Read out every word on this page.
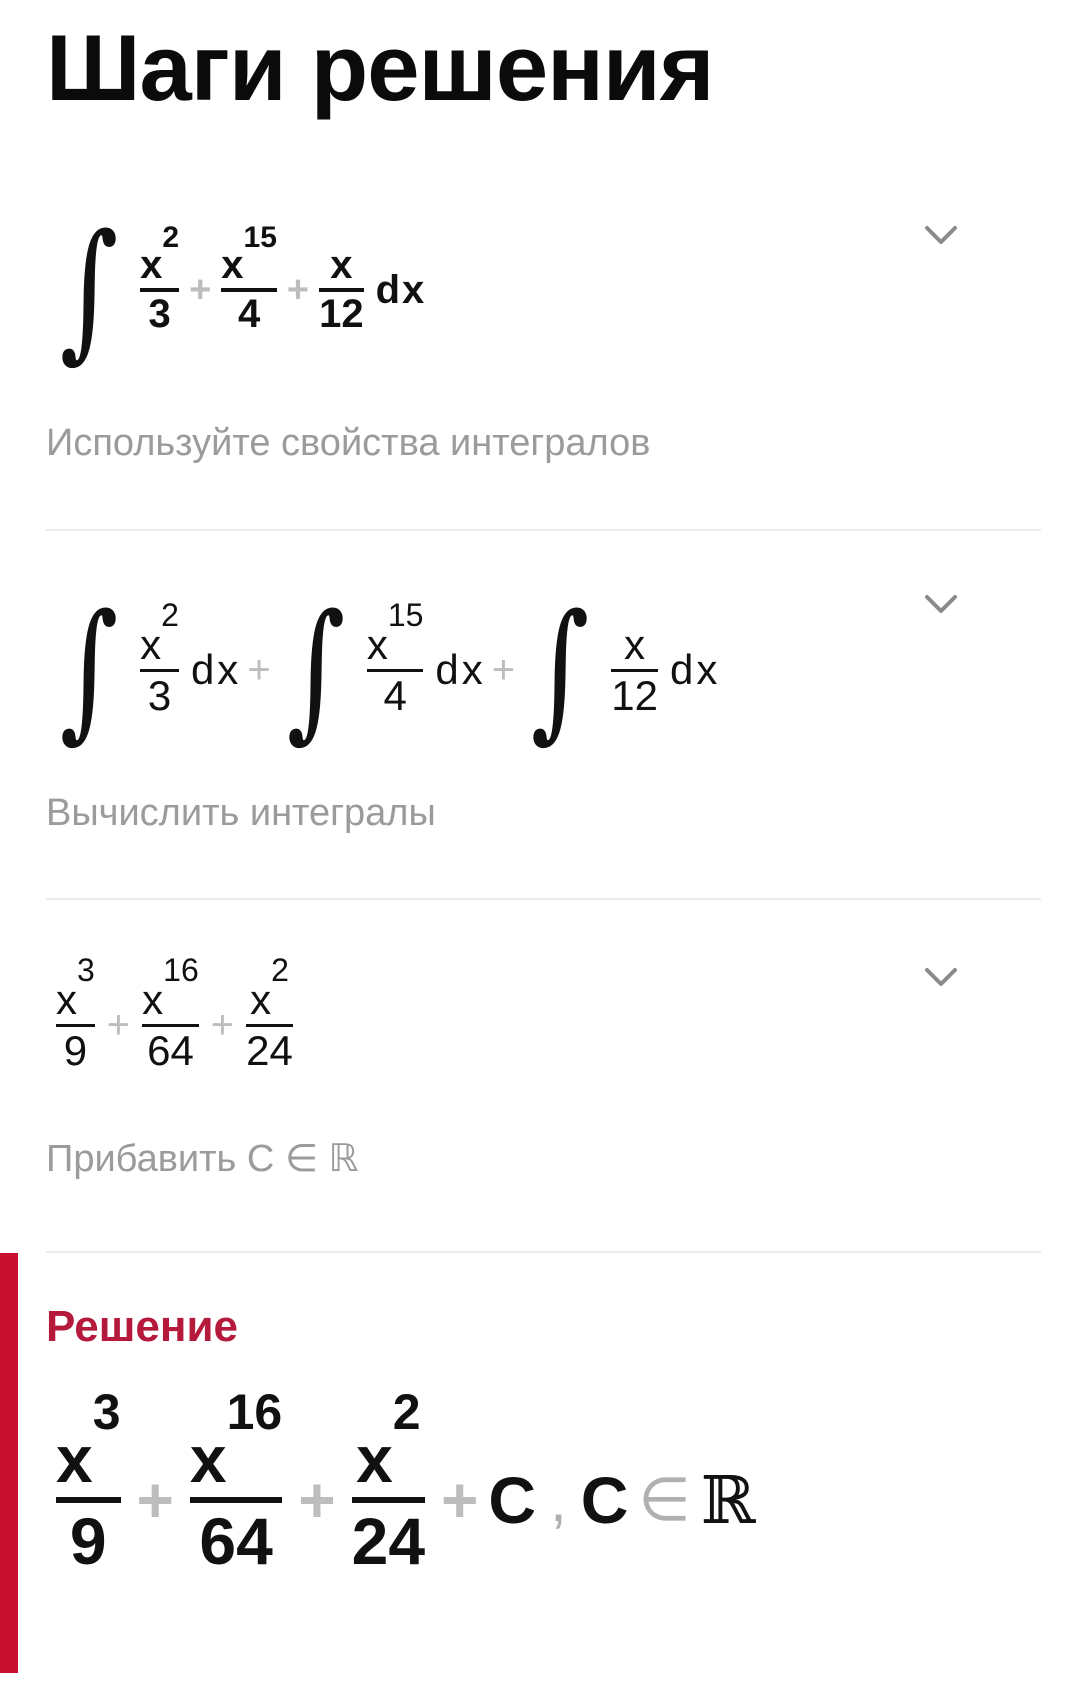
Шаги решения
∫ x
2
3 + x
15
$4 + \frac{x}{12}$ dx

Используйте свойства интегралов

∫ x
2
3 dx + ∫ x
15
4 dx + ∫ $\frac{x}{12}$ dx

Вычислить интегралы

x
3
9 + x
16
64 + x
2
24

Прибавить C ∈ ℝ

Решение
x
3
9
+
x
16
64
+
x
2
24
+ C , C ∈ ℝ
